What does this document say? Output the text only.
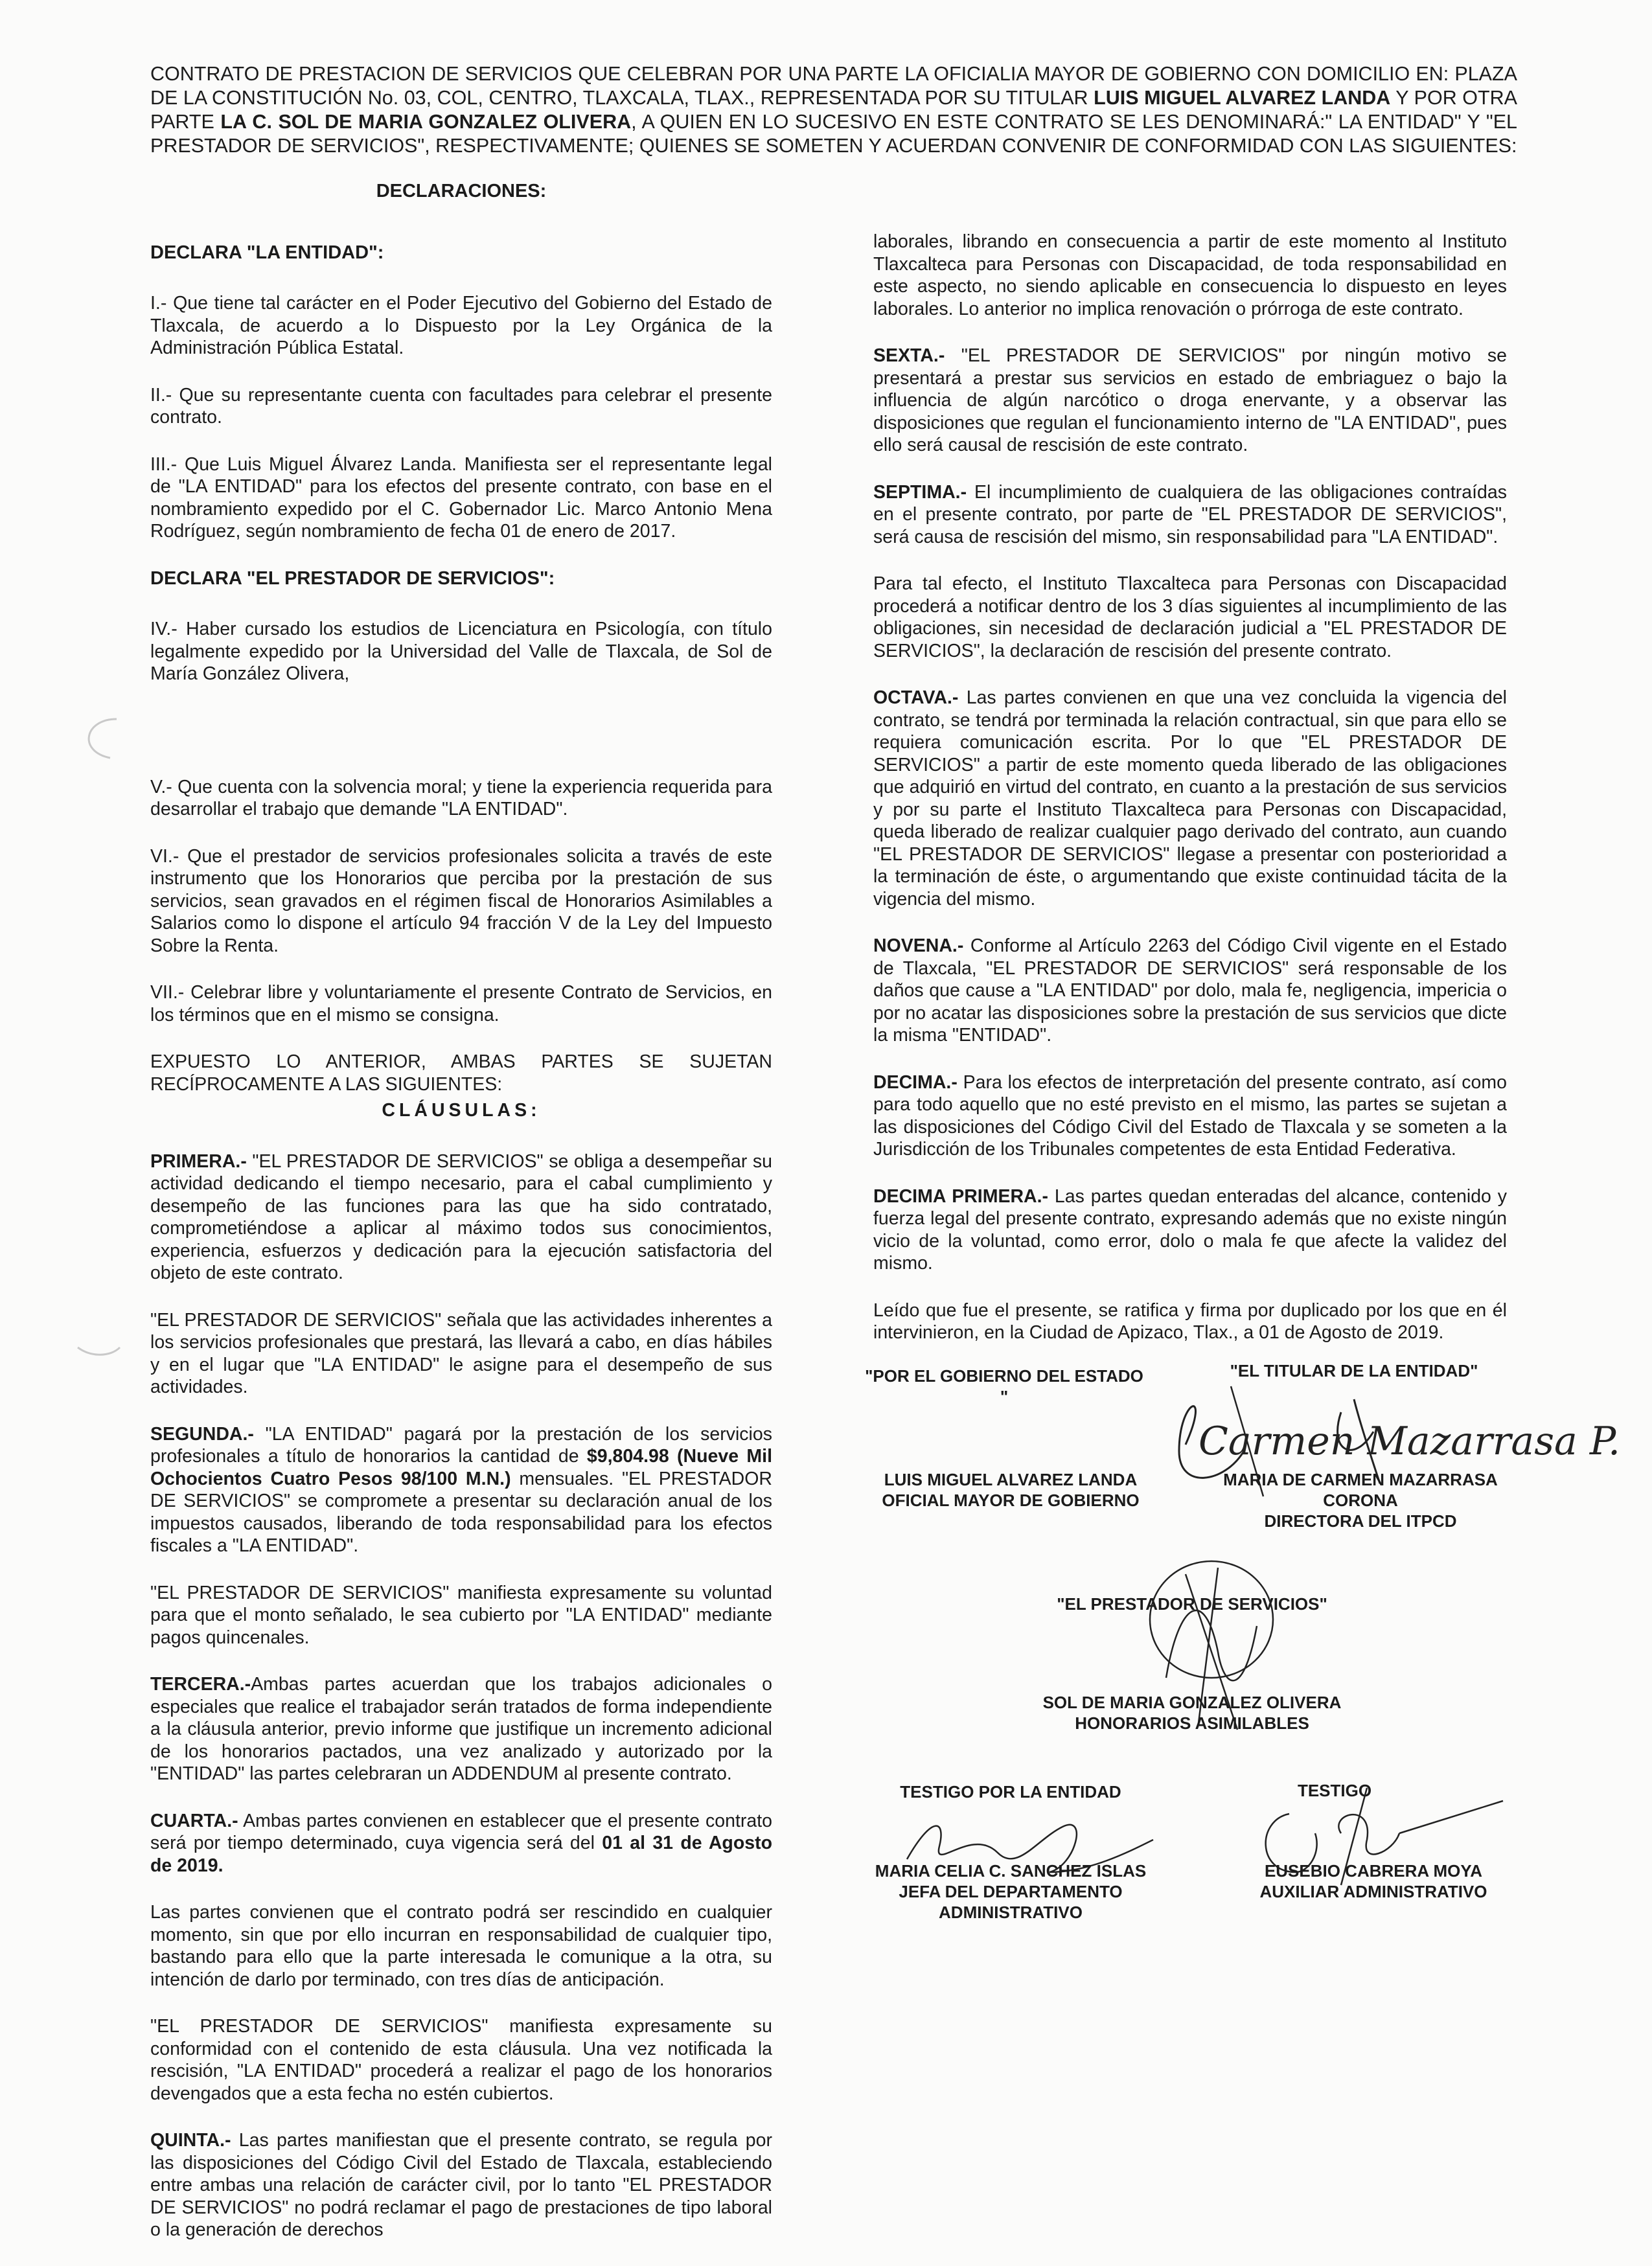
CONTRATO DE PRESTACION DE SERVICIOS QUE CELEBRAN POR UNA PARTE LA OFICIALIA MAYOR DE GOBIERNO CON DOMICILIO EN: PLAZA DE LA CONSTITUCIÓN No. 03, COL, CENTRO, TLAXCALA, TLAX., REPRESENTADA POR SU TITULAR LUIS MIGUEL ALVAREZ LANDA Y POR OTRA PARTE LA C. SOL DE MARIA GONZALEZ OLIVERA, A QUIEN EN LO SUCESIVO EN ESTE CONTRATO SE LES DENOMINARÁ:" LA ENTIDAD" Y "EL PRESTADOR DE SERVICIOS", RESPECTIVAMENTE; QUIENES SE SOMETEN Y ACUERDAN CONVENIR DE CONFORMIDAD CON LAS SIGUIENTES:
DECLARACIONES:
DECLARA "LA ENTIDAD":

I.- Que tiene tal carácter en el Poder Ejecutivo del Gobierno del Estado de Tlaxcala, de acuerdo a lo Dispuesto por la Ley Orgánica de la Administración Pública Estatal.

II.- Que su representante cuenta con facultades para celebrar el presente contrato.

III.- Que Luis Miguel Álvarez Landa. Manifiesta ser el representante legal de "LA ENTIDAD" para los efectos del presente contrato, con base en el nombramiento expedido por el C. Gobernador Lic. Marco Antonio Mena Rodríguez, según nombramiento de fecha 01 de enero de 2017.

DECLARA "EL PRESTADOR DE SERVICIOS":

IV.- Haber cursado los estudios de Licenciatura en Psicología, con título legalmente expedido por la Universidad del Valle de Tlaxcala, de Sol de María González Olivera,

V.- Que cuenta con la solvencia moral; y tiene la experiencia requerida para desarrollar el trabajo que demande "LA ENTIDAD".

VI.- Que el prestador de servicios profesionales solicita a través de este instrumento que los Honorarios que perciba por la prestación de sus servicios, sean gravados en el régimen fiscal de Honorarios Asimilables a Salarios como lo dispone el artículo 94 fracción V de la Ley del Impuesto Sobre la Renta.

VII.- Celebrar libre y voluntariamente el presente Contrato de Servicios, en los términos que en el mismo se consigna.

EXPUESTO LO ANTERIOR, AMBAS PARTES SE SUJETAN RECÍPROCAMENTE A LAS SIGUIENTES:

CLÁUSULAS:

PRIMERA.- "EL PRESTADOR DE SERVICIOS" se obliga a desempeñar su actividad dedicando el tiempo necesario, para el cabal cumplimiento y desempeño de las funciones para las que ha sido contratado, comprometiéndose a aplicar al máximo todos sus conocimientos, experiencia, esfuerzos y dedicación para la ejecución satisfactoria del objeto de este contrato.

"EL PRESTADOR DE SERVICIOS" señala que las actividades inherentes a los servicios profesionales que prestará, las llevará a cabo, en días hábiles y en el lugar que "LA ENTIDAD" le asigne para el desempeño de sus actividades.

SEGUNDA.- "LA ENTIDAD" pagará por la prestación de los servicios profesionales a título de honorarios la cantidad de $9,804.98 (Nueve Mil Ochocientos Cuatro Pesos 98/100 M.N.) mensuales. "EL PRESTADOR DE SERVICIOS" se compromete a presentar su declaración anual de los impuestos causados, liberando de toda responsabilidad para los efectos fiscales a "LA ENTIDAD".

"EL PRESTADOR DE SERVICIOS" manifiesta expresamente su voluntad para que el monto señalado, le sea cubierto por "LA ENTIDAD" mediante pagos quincenales.

TERCERA.-Ambas partes acuerdan que los trabajos adicionales o especiales que realice el trabajador serán tratados de forma independiente a la cláusula anterior, previo informe que justifique un incremento adicional de los honorarios pactados, una vez analizado y autorizado por la "ENTIDAD" las partes celebraran un ADDENDUM al presente contrato.

CUARTA.- Ambas partes convienen en establecer que el presente contrato será por tiempo determinado, cuya vigencia será del 01 al 31 de Agosto de 2019.

Las partes convienen que el contrato podrá ser rescindido en cualquier momento, sin que por ello incurran en responsabilidad de cualquier tipo, bastando para ello que la parte interesada le comunique a la otra, su intención de darlo por terminado, con tres días de anticipación.

"EL PRESTADOR DE SERVICIOS" manifiesta expresamente su conformidad con el contenido de esta cláusula. Una vez notificada la rescisión, "LA ENTIDAD" procederá a realizar el pago de los honorarios devengados que a esta fecha no estén cubiertos.

QUINTA.- Las partes manifiestan que el presente contrato, se regula por las disposiciones del Código Civil del Estado de Tlaxcala, estableciendo entre ambas una relación de carácter civil, por lo tanto "EL PRESTADOR DE SERVICIOS" no podrá reclamar el pago de prestaciones de tipo laboral o la generación de derechos

laborales, librando en consecuencia a partir de este momento al Instituto Tlaxcalteca para Personas con Discapacidad, de toda responsabilidad en este aspecto, no siendo aplicable en consecuencia lo dispuesto en leyes laborales. Lo anterior no implica renovación o prórroga de este contrato.

SEXTA.- "EL PRESTADOR DE SERVICIOS" por ningún motivo se presentará a prestar sus servicios en estado de embriaguez o bajo la influencia de algún narcótico o droga enervante, y a observar las disposiciones que regulan el funcionamiento interno de "LA ENTIDAD", pues ello será causal de rescisión de este contrato.

SEPTIMA.- El incumplimiento de cualquiera de las obligaciones contraídas en el presente contrato, por parte de "EL PRESTADOR DE SERVICIOS", será causa de rescisión del mismo, sin responsabilidad para "LA ENTIDAD".

Para tal efecto, el Instituto Tlaxcalteca para Personas con Discapacidad procederá a notificar dentro de los 3 días siguientes al incumplimiento de las obligaciones, sin necesidad de declaración judicial a "EL PRESTADOR DE SERVICIOS", la declaración de rescisión del presente contrato.

OCTAVA.- Las partes convienen en que una vez concluida la vigencia del contrato, se tendrá por terminada la relación contractual, sin que para ello se requiera comunicación escrita. Por lo que "EL PRESTADOR DE SERVICIOS" a partir de este momento queda liberado de las obligaciones que adquirió en virtud del contrato, en cuanto a la prestación de sus servicios y por su parte el Instituto Tlaxcalteca para Personas con Discapacidad, queda liberado de realizar cualquier pago derivado del contrato, aun cuando "EL PRESTADOR DE SERVICIOS" llegase a presentar con posterioridad a la terminación de éste, o argumentando que existe continuidad tácita de la vigencia del mismo.

NOVENA.- Conforme al Artículo 2263 del Código Civil vigente en el Estado de Tlaxcala, "EL PRESTADOR DE SERVICIOS" será responsable de los daños que cause a "LA ENTIDAD" por dolo, mala fe, negligencia, impericia o por no acatar las disposiciones sobre la prestación de sus servicios que dicte la misma "ENTIDAD".

DECIMA.- Para los efectos de interpretación del presente contrato, así como para todo aquello que no esté previsto en el mismo, las partes se sujetan a las disposiciones del Código Civil del Estado de Tlaxcala y se someten a la Jurisdicción de los Tribunales competentes de esta Entidad Federativa.

DECIMA PRIMERA.- Las partes quedan enteradas del alcance, contenido y fuerza legal del presente contrato, expresando además que no existe ningún vicio de la voluntad, como error, dolo o mala fe que afecte la validez del mismo.

Leído que fue el presente, se ratifica y firma por duplicado por los que en él intervinieron, en la Ciudad de Apizaco, Tlax., a 01 de Agosto de 2019.

"POR EL GOBIERNO DEL ESTADO "
"EL TITULAR DE LA ENTIDAD"
Carmen Mazarrasa P.
LUIS MIGUEL ALVAREZ LANDA
OFICIAL MAYOR DE GOBIERNO
MARIA DE CARMEN MAZARRASA
CORONA
DIRECTORA DEL ITPCD
"EL PRESTADOR DE SERVICIOS"
SOL DE MARIA GONZALEZ OLIVERA
HONORARIOS ASIMILABLES
TESTIGO POR LA ENTIDAD	TESTIGO
MARIA CELIA C. SANCHEZ ISLAS
JEFA DEL DEPARTAMENTO
ADMINISTRATIVO
EUSEBIO CABRERA MOYA
AUXILIAR ADMINISTRATIVO
